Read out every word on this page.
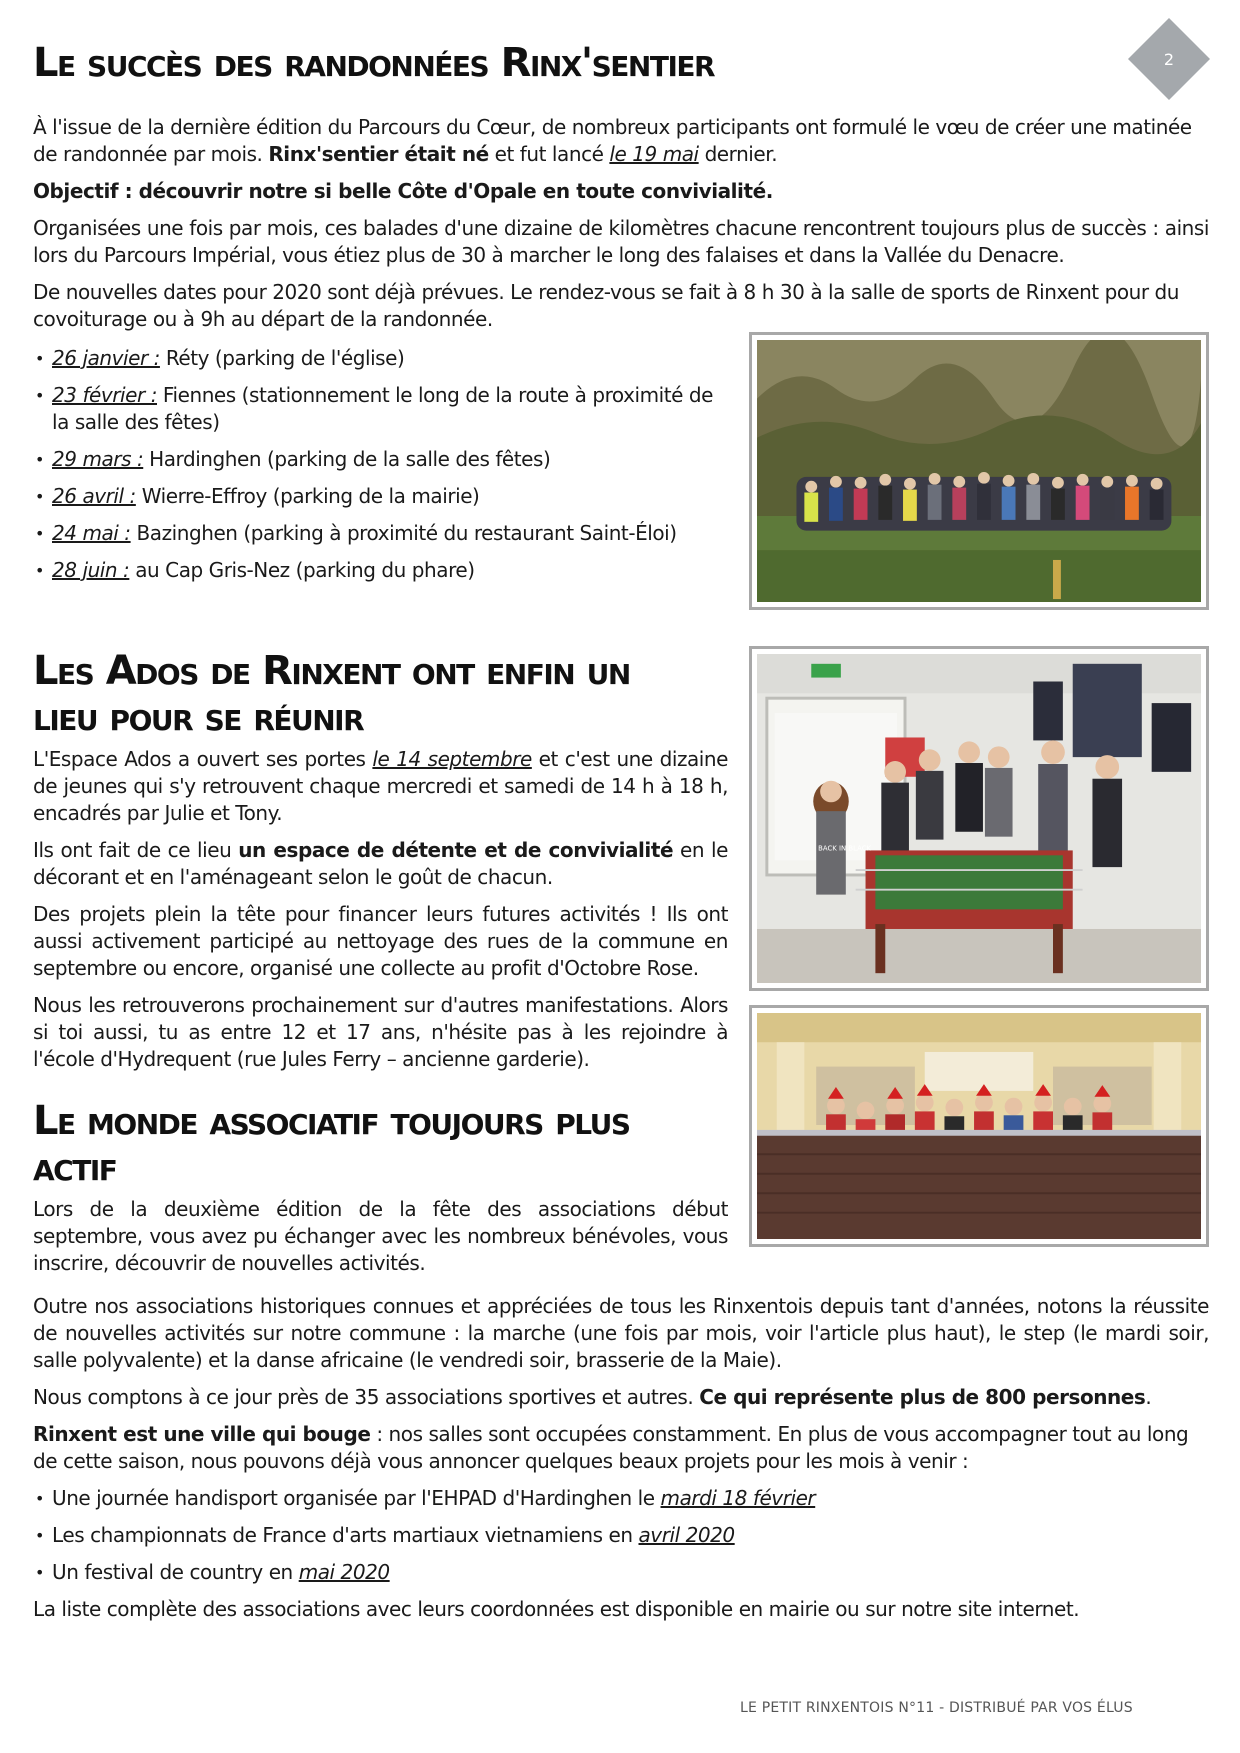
2
Le succès des randonnées Rinx'sentier

À l'issue de la dernière édition du Parcours du Cœur, de nombreux participants ont formulé le vœu de créer une matinée de randonnée par mois. Rinx'sentier était né et fut lancé le 19 mai dernier.

Objectif : découvrir notre si belle Côte d'Opale en toute convivialité.

Organisées une fois par mois, ces balades d'une dizaine de kilomètres chacune rencontrent toujours plus de succès : ainsi lors du Parcours Impérial, vous étiez plus de 30 à marcher le long des falaises et dans la Vallée du Denacre.

De nouvelles dates pour 2020 sont déjà prévues. Le rendez-vous se fait à 8 h 30 à la salle de sports de Rinxent pour du covoiturage ou à 9h au départ de la randonnée.

• 26 janvier : Réty (parking de l'église)
• 23 février : Fiennes (stationnement le long de la route à proximité de la salle des fêtes)
• 29 mars : Hardinghen (parking de la salle des fêtes)
• 26 avril : Wierre-Effroy (parking de la mairie)
• 24 mai : Bazinghen (parking à proximité du restaurant Saint-Éloi)
• 28 juin : au Cap Gris-Nez (parking du phare)
Les Ados de Rinxent ont enfin un
lieu pour se réunir

L'Espace Ados a ouvert ses portes le 14 septembre et c'est une dizaine de jeunes qui s'y retrouvent chaque mercredi et samedi de 14 h à 18 h, encadrés par Julie et Tony.

Ils ont fait de ce lieu un espace de détente et de convivialité en le décorant et en l'aménageant selon le goût de chacun.

Des projets plein la tête pour financer leurs futures activités ! Ils ont aussi activement participé au nettoyage des rues de la commune en septembre ou encore, organisé une collecte au profit d'Octobre Rose.

Nous les retrouverons prochainement sur d'autres manifestations. Alors si toi aussi, tu as entre 12 et 17 ans, n'hésite pas à les rejoindre à l'école d'Hydrequent (rue Jules Ferry – ancienne garderie).

BACK IN BLACK
Le monde associatif toujours plus
actif

Lors de la deuxième édition de la fête des associations début septembre, vous avez pu échanger avec les nombreux bénévoles, vous inscrire, découvrir de nouvelles activités.

Outre nos associations historiques connues et appréciées de tous les Rinxentois depuis tant d'années, notons la réussite de nouvelles activités sur notre commune : la marche (une fois par mois, voir l'article plus haut), le step (le mardi soir, salle polyvalente) et la danse africaine (le vendredi soir, brasserie de la Maie).

Nous comptons à ce jour près de 35 associations sportives et autres. Ce qui représente plus de 800 personnes.

Rinxent est une ville qui bouge : nos salles sont occupées constamment. En plus de vous accompagner tout au long de cette saison, nous pouvons déjà vous annoncer quelques beaux projets pour les mois à venir :

• Une journée handisport organisée par l'EHPAD d'Hardinghen le mardi 18 février
• Les championnats de France d'arts martiaux vietnamiens en avril 2020
• Un festival de country en mai 2020

La liste complète des associations avec leurs coordonnées est disponible en mairie ou sur notre site internet.

LE PETIT RINXENTOIS N°11 - DISTRIBUÉ PAR VOS ÉLUS
